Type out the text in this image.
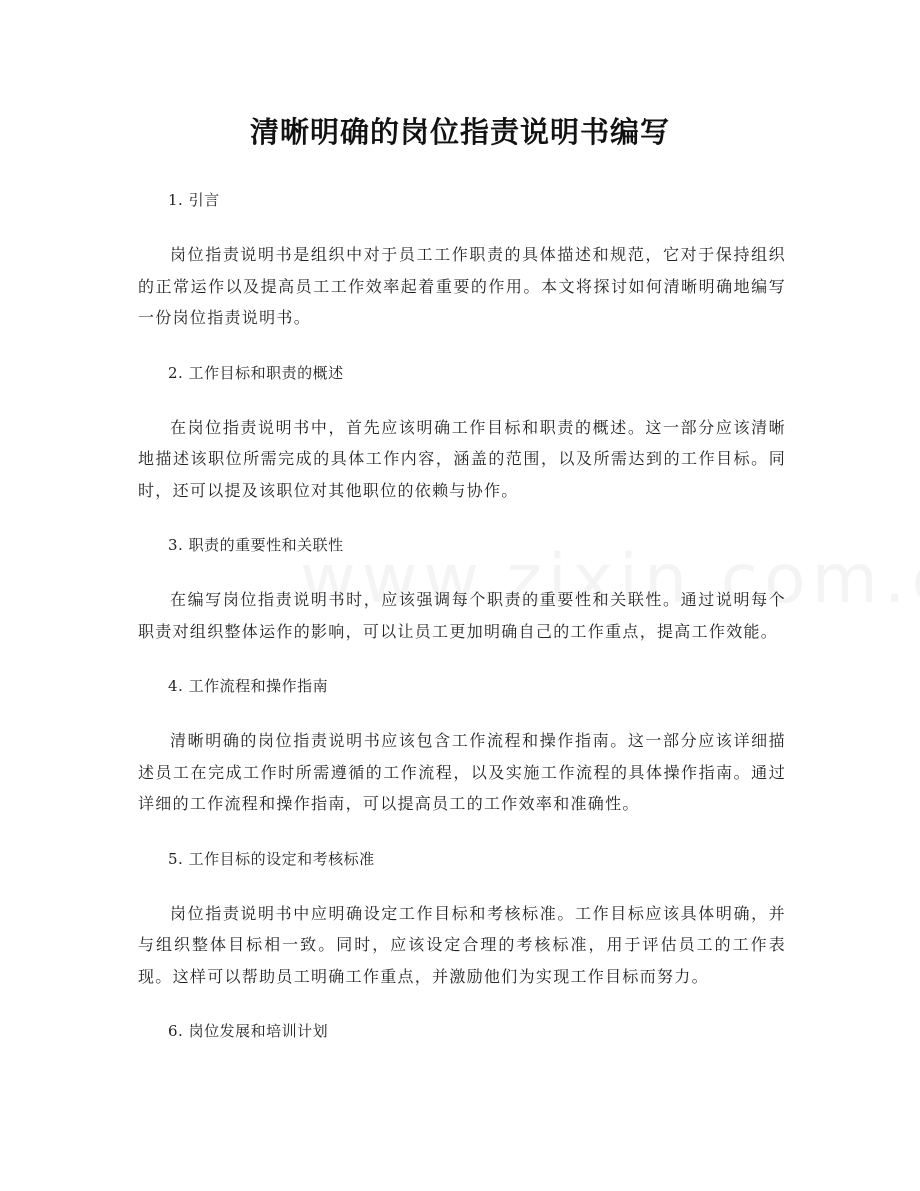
清晰明确的岗位指责说明书编写

1. 引言

岗位指责说明书是组织中对于员工工作职责的具体描述和规范，它对于保持组织的正常运作以及提高员工工作效率起着重要的作用。本文将探讨如何清晰明确地编写一份岗位指责说明书。

2. 工作目标和职责的概述

在岗位指责说明书中，首先应该明确工作目标和职责的概述。这一部分应该清晰地描述该职位所需完成的具体工作内容，涵盖的范围，以及所需达到的工作目标。同时，还可以提及该职位对其他职位的依赖与协作。

3. 职责的重要性和关联性

在编写岗位指责说明书时，应该强调每个职责的重要性和关联性。通过说明每个职责对组织整体运作的影响，可以让员工更加明确自己的工作重点，提高工作效能。

4. 工作流程和操作指南

清晰明确的岗位指责说明书应该包含工作流程和操作指南。这一部分应该详细描述员工在完成工作时所需遵循的工作流程，以及实施工作流程的具体操作指南。通过详细的工作流程和操作指南，可以提高员工的工作效率和准确性。

5. 工作目标的设定和考核标准

岗位指责说明书中应明确设定工作目标和考核标准。工作目标应该具体明确，并与组织整体目标相一致。同时，应该设定合理的考核标准，用于评估员工的工作表现。这样可以帮助员工明确工作重点，并激励他们为实现工作目标而努力。

6. 岗位发展和培训计划
